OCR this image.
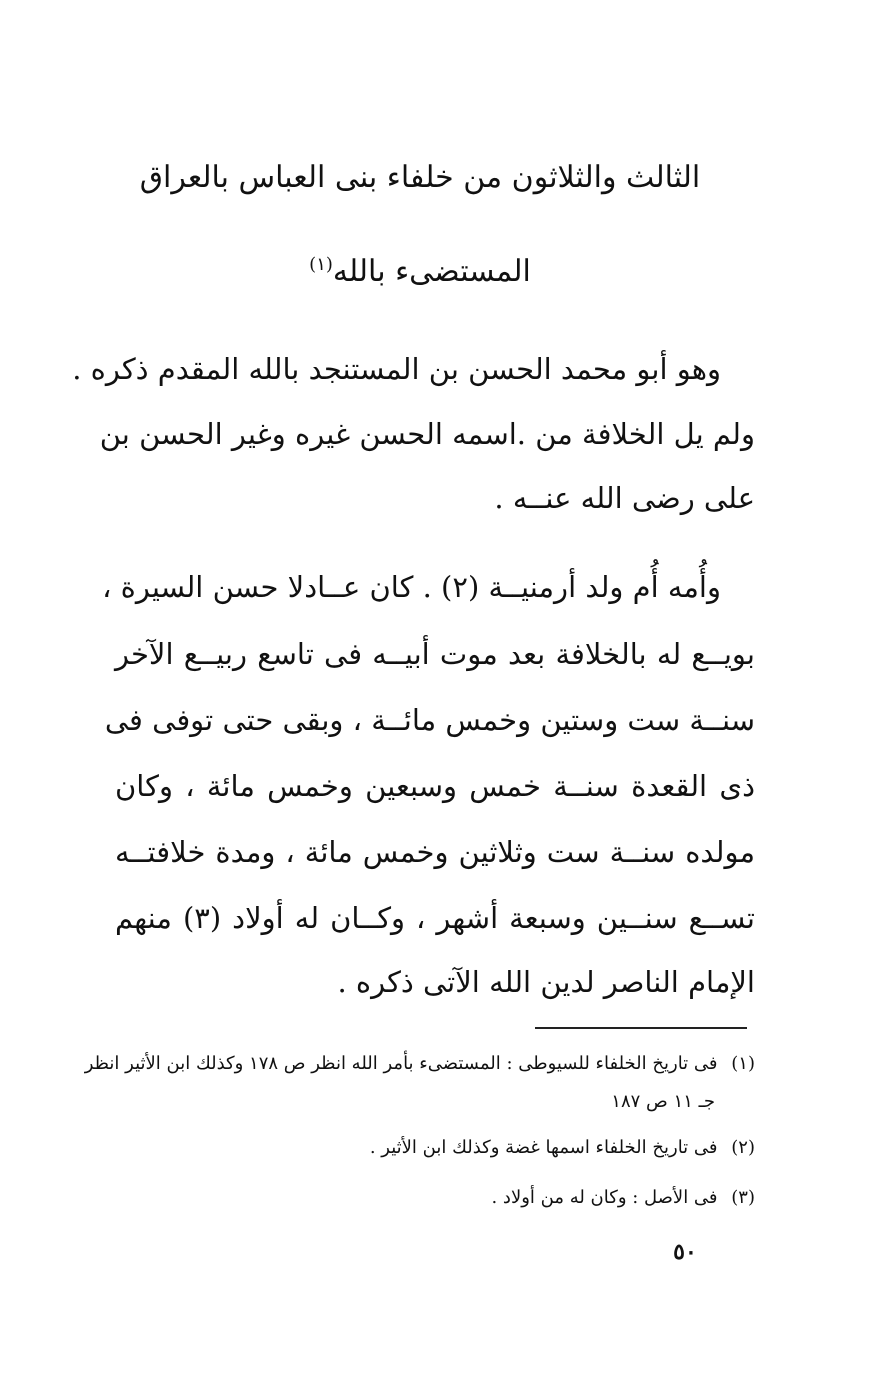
الثالث والثلاثون من خلفاء بنى العباس بالعراق
المستضىء بالله$^{(١)}$
وهو أبو محمد الحسن بن المستنجد بالله المقدم ذكره .
ولم يل الخلافة من .اسمه الحسن غيره وغير الحسن بن
على رضى الله عنــه .
وأُمه أُم ولد أرمنيــة (٢) . كان عــادلا حسن السيرة ،
بويــع له بالخلافة بعد موت أبيــه فى تاسع ربيــع الآخر
سنــة ست وستين وخمس مائــة ، وبقى حتى توفى فى
ذى القعدة سنــة خمس وسبعين وخمس مائة ، وكان
مولده سنــة ست وثلاثين وخمس مائة ، ومدة خلافتــه
تســع سنــين وسبعة أشهر ، وكــان له أولاد (٣) منهم
الإمام الناصر لدين الله الآتى ذكره .
(١) فى تاريخ الخلفاء للسيوطى : المستضىء بأمر الله انظر ص ١٧٨ وكذلك ابن الأثير انظر
جـ ١١ ص ١٨٧
(٢) فى تاريخ الخلفاء اسمها غضة وكذلك ابن الأثير .
(٣) فى الأصل : وكان له من أولاد .
٥٠
